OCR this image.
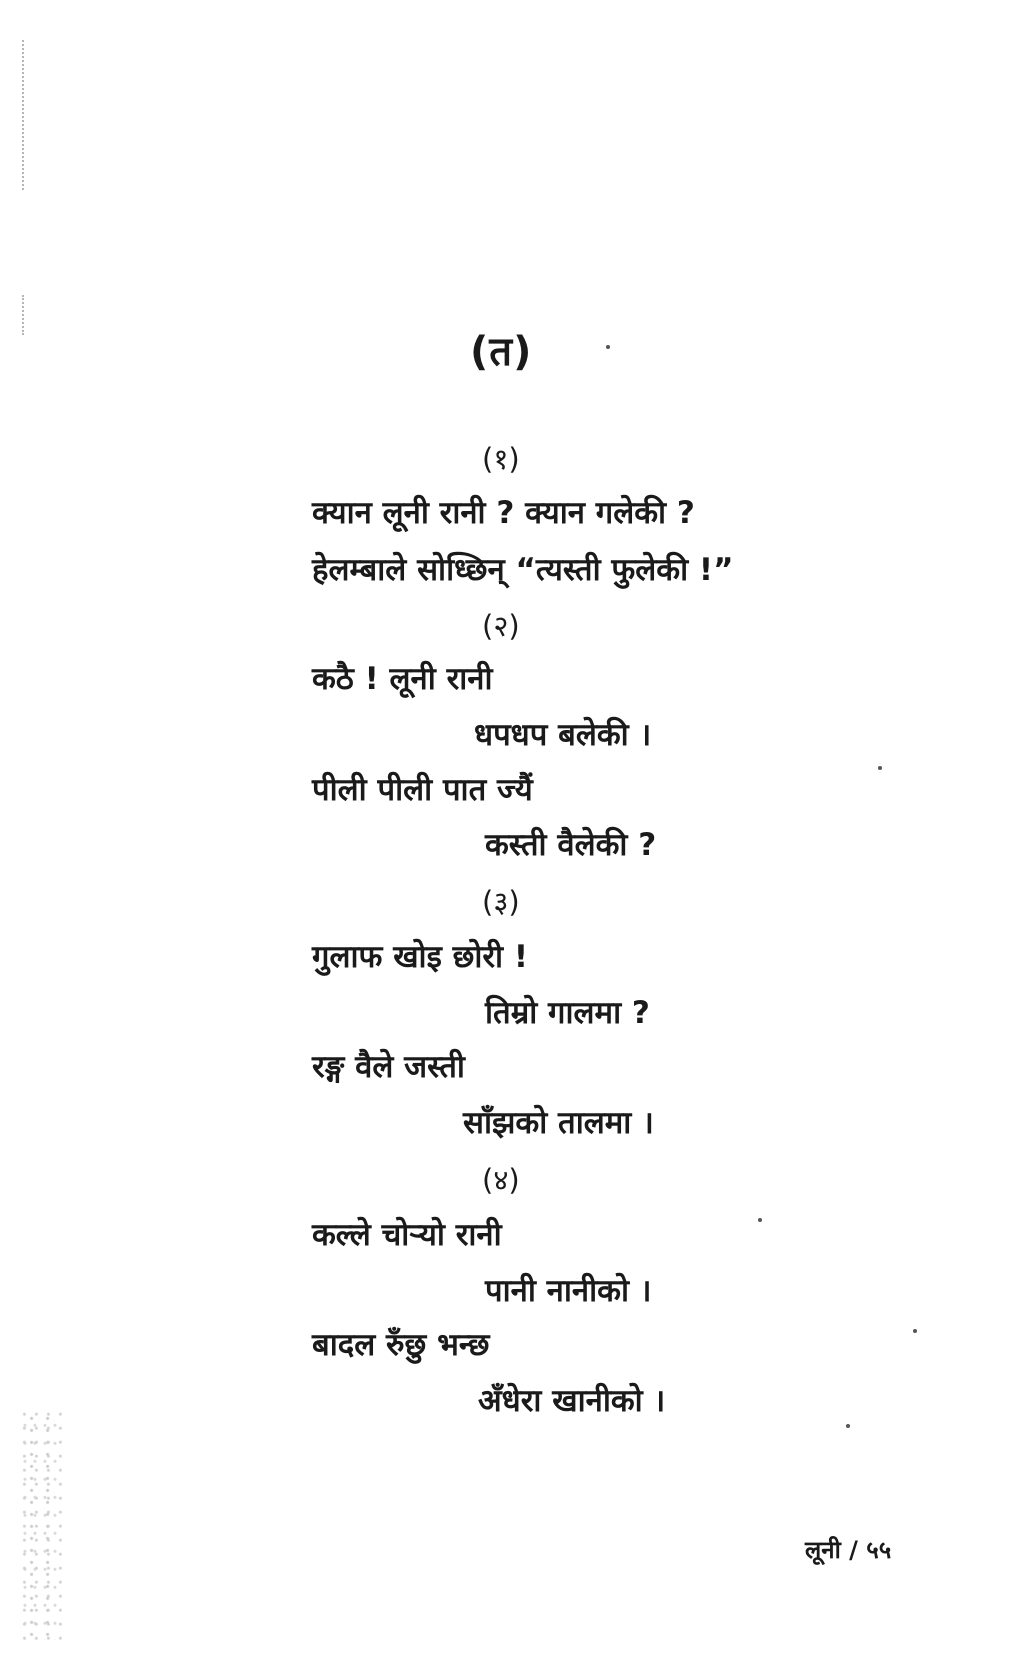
(त)
(१)
क्यान लूनी रानी ? क्यान गलेकी ?
हेलम्बाले सोध्छिन् “त्यस्ती फुलेकी !”
(२)
कठै ! लूनी रानी
धपधप बलेकी ।
पीली पीली पात ज्यैं
कस्ती वैलेकी ?
(३)
गुलाफ खोइ छोरी !
तिम्रो गालमा ?
रङ्ग वैले जस्ती
साँझको तालमा ।
(४)
कल्ले चोर्‍यो रानी
पानी नानीको ।
बादल रुँछु भन्छ
अँधेरा खानीको ।
लूनी / ५५
